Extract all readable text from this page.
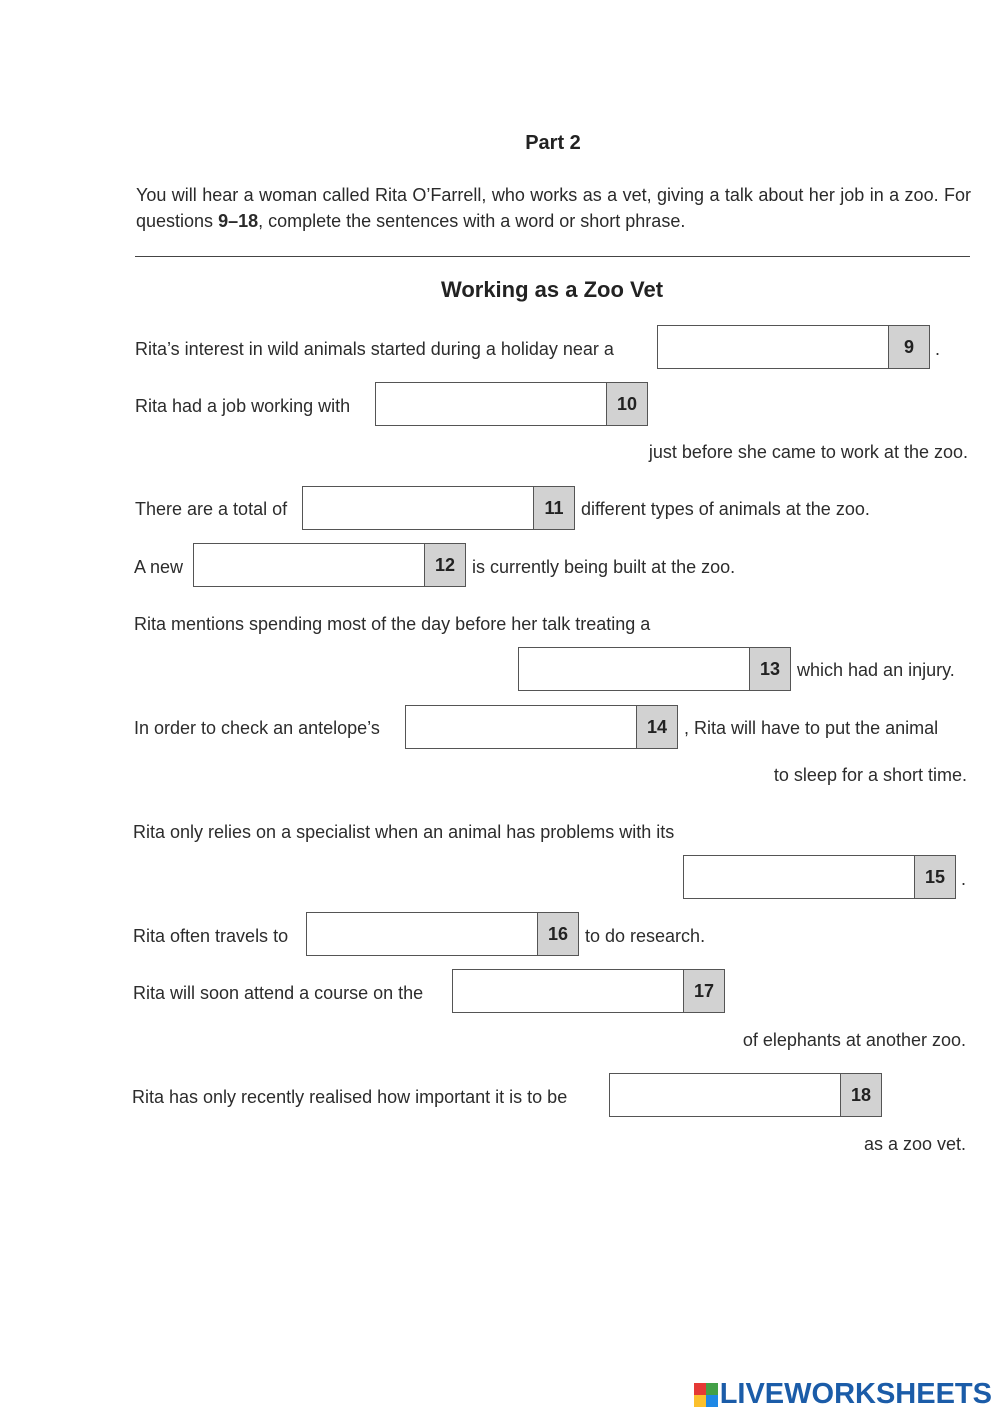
Part 2
You will hear a woman called Rita O’Farrell, who works as a vet, giving a talk about her job in a zoo. For questions 9–18, complete the sentences with a word or short phrase.
Working as a Zoo Vet
Rita’s interest in wild animals started during a holiday near a	9	.
Rita had a job working with	10
just before she came to work at the zoo.
There are a total of	11 different types of animals at the zoo.
A new	12 is currently being built at the zoo.
Rita mentions spending most of the day before her talk treating a
13 which had an injury.
In order to check an antelope’s	14 , Rita will have to put the animal
to sleep for a short time.
Rita only relies on a specialist when an animal has problems with its
15 .
Rita often travels to	16 to do research.
Rita will soon attend a course on the	17
of elephants at another zoo.
Rita has only recently realised how important it is to be	18
as a zoo vet.
LIVEWORKSHEETS
